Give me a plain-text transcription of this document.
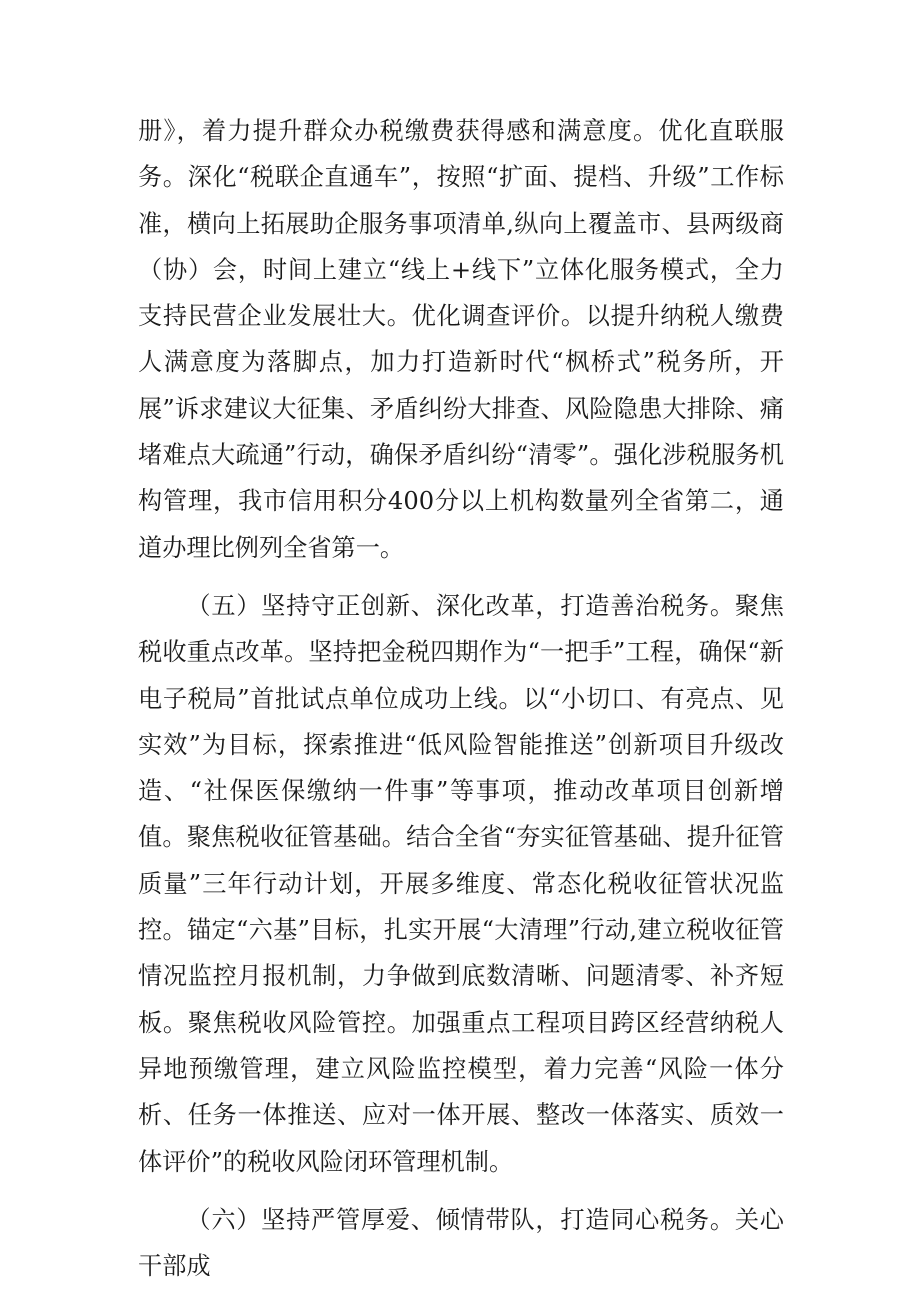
册》，着力提升群众办税缴费获得感和满意度。优化直联服务。深化“税联企直通车”，按照“扩面、提档、升级”工作标准，横向上拓展助企服务事项清单,纵向上覆盖市、县两级商（协）会，时间上建立“线上+线下”立体化服务模式，全力支持民营企业发展壮大。优化调查评价。以提升纳税人缴费人满意度为落脚点，加力打造新时代“枫桥式”税务所，开展”诉求建议大征集、矛盾纠纷大排查、风险隐患大排除、痛堵难点大疏通”行动，确保矛盾纠纷“清零”。强化涉税服务机构管理，我市信用积分400分以上机构数量列全省第二，通道办理比例列全省第一。

（五）坚持守正创新、深化改革，打造善治税务。聚焦税收重点改革。坚持把金税四期作为“一把手”工程，确保“新电子税局”首批试点单位成功上线。以“小切口、有亮点、见实效”为目标，探索推进“低风险智能推送”创新项目升级改造、“社保医保缴纳一件事”等事项，推动改革项目创新增值。聚焦税收征管基础。结合全省“夯实征管基础、提升征管质量”三年行动计划，开展多维度、常态化税收征管状况监控。锚定“六基”目标，扎实开展“大清理”行动,建立税收征管情况监控月报机制，力争做到底数清晰、问题清零、补齐短板。聚焦税收风险管控。加强重点工程项目跨区经营纳税人异地预缴管理，建立风险监控模型，着力完善“风险一体分析、任务一体推送、应对一体开展、整改一体落实、质效一体评价”的税收风险闭环管理机制。

（六）坚持严管厚爱、倾情带队，打造同心税务。关心干部成
